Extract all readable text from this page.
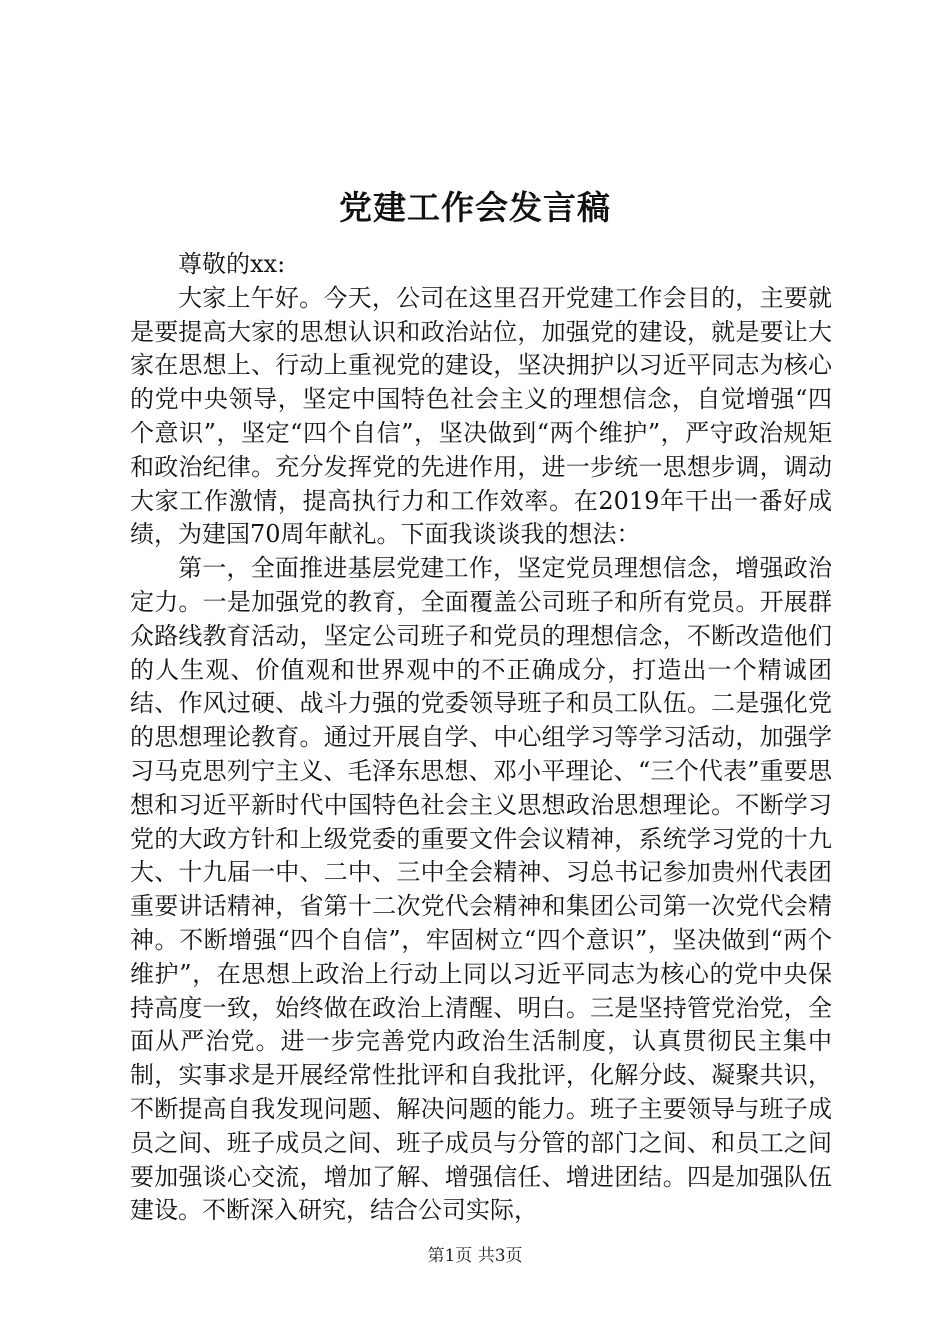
党建工作会发言稿

尊敬的xx:

大家上午好。今天，公司在这里召开党建工作会目的，主要就是要提高大家的思想认识和政治站位，加强党的建设，就是要让大家在思想上、行动上重视党的建设，坚决拥护以习近平同志为核心的党中央领导，坚定中国特色社会主义的理想信念，自觉增强“四个意识”，坚定“四个自信”，坚决做到“两个维护”，严守政治规矩和政治纪律。充分发挥党的先进作用，进一步统一思想步调，调动大家工作激情，提高执行力和工作效率。在2019年干出一番好成绩，为建国70周年献礼。下面我谈谈我的想法：

第一，全面推进基层党建工作，坚定党员理想信念，增强政治定力。一是加强党的教育，全面覆盖公司班子和所有党员。开展群众路线教育活动，坚定公司班子和党员的理想信念，不断改造他们的人生观、价值观和世界观中的不正确成分，打造出一个精诚团结、作风过硬、战斗力强的党委领导班子和员工队伍。二是强化党的思想理论教育。通过开展自学、中心组学习等学习活动，加强学习马克思列宁主义、毛泽东思想、邓小平理论、“三个代表”重要思想和习近平新时代中国特色社会主义思想政治思想理论。不断学习党的大政方针和上级党委的重要文件会议精神，系统学习党的十九大、十九届一中、二中、三中全会精神、习总书记参加贵州代表团重要讲话精神，省第十二次党代会精神和集团公司第一次党代会精神。不断增强“四个自信”，牢固树立“四个意识”，坚决做到“两个维护”，在思想上政治上行动上同以习近平同志为核心的党中央保持高度一致，始终做在政治上清醒、明白。三是坚持管党治党，全面从严治党。进一步完善党内政治生活制度，认真贯彻民主集中制，实事求是开展经常性批评和自我批评，化解分歧、凝聚共识，不断提高自我发现问题、解决问题的能力。班子主要领导与班子成员之间、班子成员之间、班子成员与分管的部门之间、和员工之间要加强谈心交流，增加了解、增强信任、增进团结。四是加强队伍建设。不断深入研究，结合公司实际，

第1页 共3页
